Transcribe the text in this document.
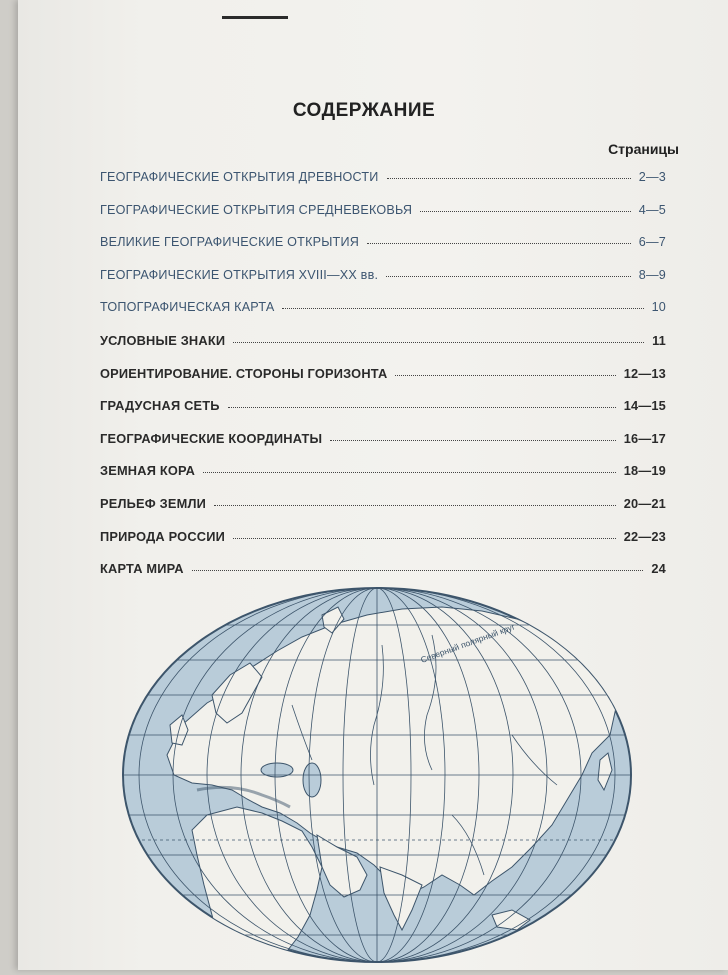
СОДЕРЖАНИЕ
Страницы
ГЕОГРАФИЧЕСКИЕ ОТКРЫТИЯ ДРЕВНОСТИ	2—3
ГЕОГРАФИЧЕСКИЕ ОТКРЫТИЯ СРЕДНЕВЕКОВЬЯ	4—5
ВЕЛИКИЕ ГЕОГРАФИЧЕСКИЕ ОТКРЫТИЯ	6—7
ГЕОГРАФИЧЕСКИЕ ОТКРЫТИЯ XVIII—XX вв.	8—9
ТОПОГРАФИЧЕСКАЯ КАРТА	10
УСЛОВНЫЕ ЗНАКИ	11
ОРИЕНТИРОВАНИЕ. СТОРОНЫ ГОРИЗОНТА	12—13
ГРАДУСНАЯ СЕТЬ	14—15
ГЕОГРАФИЧЕСКИЕ КООРДИНАТЫ	16—17
ЗЕМНАЯ КОРА	18—19
РЕЛЬЕФ ЗЕМЛИ	20—21
ПРИРОДА РОССИИ	22—23
КАРТА МИРА	24
Северный полярный круг
